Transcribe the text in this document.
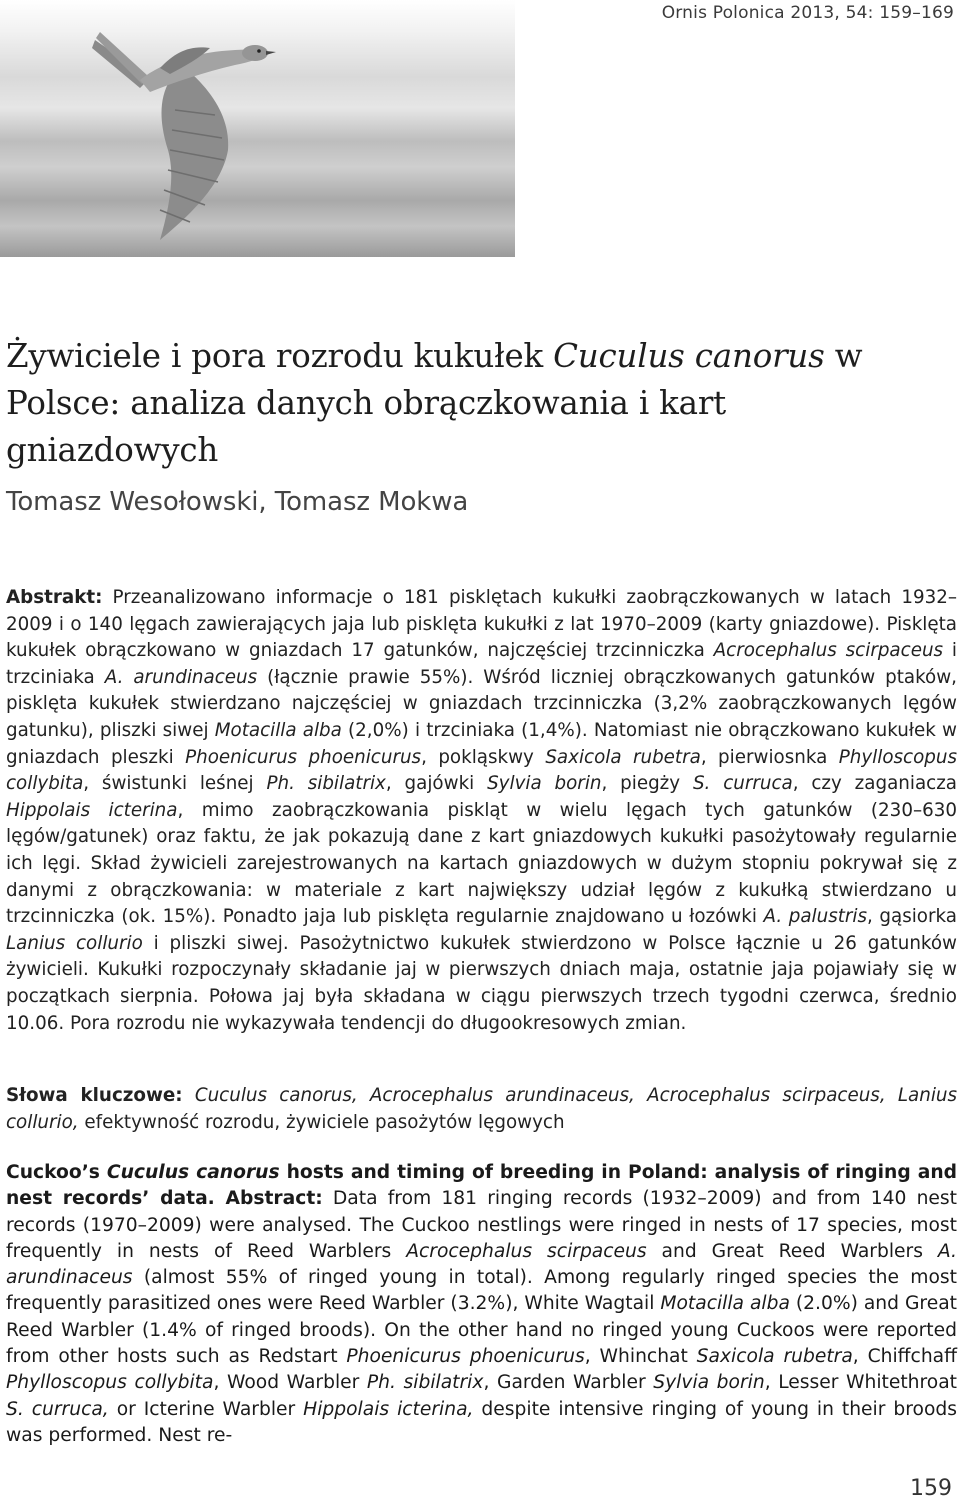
Ornis Polonica 2013, 54: 159–169
Żywiciele i pora rozrodu kukułek Cuculus canorus w Polsce: analiza danych obrączkowania i kart gniazdowych
Tomasz Wesołowski, Tomasz Mokwa

Abstrakt: Przeanalizowano informacje o 181 pisklętach kukułki zaobrączkowanych w latach 1932–2009 i o 140 lęgach zawierających jaja lub pisklęta kukułki z lat 1970–2009 (karty gniazdowe). Pisklęta kukułek obrączkowano w gniazdach 17 gatunków, najczęściej trzcinniczka Acrocephalus scirpaceus i trzciniaka A. arundinaceus (łącznie prawie 55%). Wśród liczniej obrączkowanych gatunków ptaków, pisklęta kukułek stwierdzano najczęściej w gniazdach trzcinniczka (3,2% zaobrączkowanych lęgów gatunku), pliszki siwej Motacilla alba (2,0%) i trzciniaka (1,4%). Natomiast nie obrączkowano kukułek w gniazdach pleszki Phoenicurus phoenicurus, pokląskwy Saxicola rubetra, pierwiosnka Phylloscopus collybita, świstunki leśnej Ph. sibilatrix, gajówki Sylvia borin, piegży S. curruca, czy zaganiacza Hippolais icterina, mimo zaobrączkowania piskląt w wielu lęgach tych gatunków (230–630 lęgów/gatunek) oraz faktu, że jak pokazują dane z kart gniazdowych kukułki pasożytowały regularnie ich lęgi. Skład żywicieli zarejestrowanych na kartach gniazdowych w dużym stopniu pokrywał się z danymi z obrączkowania: w materiale z kart największy udział lęgów z kukułką stwierdzano u trzcinniczka (ok. 15%). Ponadto jaja lub pisklęta regularnie znajdowano u łozówki A. palustris, gąsiorka Lanius collurio i pliszki siwej. Pasożytnictwo kukułek stwierdzono w Polsce łącznie u 26 gatunków żywicieli. Kukułki rozpoczynały składanie jaj w pierwszych dniach maja, ostatnie jaja pojawiały się w początkach sierpnia. Połowa jaj była składana w ciągu pierwszych trzech tygodni czerwca, średnio 10.06. Pora rozrodu nie wykazywała tendencji do długookresowych zmian.

Słowa kluczowe: Cuculus canorus, Acrocephalus arundinaceus, Acrocephalus scirpaceus, Lanius collurio, efektywność rozrodu, żywiciele pasożytów lęgowych

Cuckoo’s Cuculus canorus hosts and timing of breeding in Poland: analysis of ringing and nest records’ data. Abstract: Data from 181 ringing records (1932–2009) and from 140 nest records (1970–2009) were analysed. The Cuckoo nestlings were ringed in nests of 17 species, most frequently in nests of Reed Warblers Acrocephalus scirpaceus and Great Reed Warblers A. arundinaceus (almost 55% of ringed young in total). Among regularly ringed species the most frequently parasitized ones were Reed Warbler (3.2%), White Wagtail Motacilla alba (2.0%) and Great Reed Warbler (1.4% of ringed broods). On the other hand no ringed young Cuckoos were reported from other hosts such as Redstart Phoenicurus phoenicurus, Whinchat Saxicola rubetra, Chiffchaff Phylloscopus collybita, Wood Warbler Ph. sibilatrix, Garden Warbler Sylvia borin, Lesser Whitethroat S. curruca, or Icterine Warbler Hippolais icterina, despite intensive ringing of young in their broods was performed. Nest re-

159
